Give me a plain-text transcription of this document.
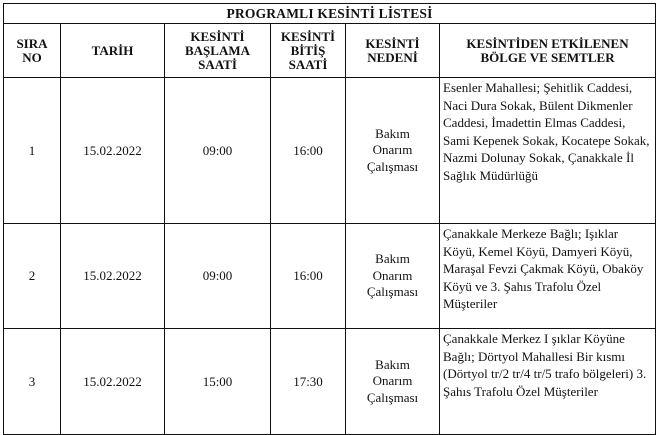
PROGRAMLI KESİNTİ LİSTESİ					
SIRA NO	TARİH	KESİNTİ BAŞLAMA SAATİ	KESİNTİ BİTİŞ SAATİ	KESİNTİ NEDENİ	KESİNTİDEN ETKİLENEN BÖLGE VE SEMTLER
1	15.02.2022	09:00	16:00	Bakım Onarım Çalışması	Esenler Mahallesi; Şehitlik Caddesi, Naci Dura Sokak, Bülent Dikmenler Caddesi, İmadettin Elmas Caddesi, Sami Kepenek Sokak, Kocatepe Sokak, Nazmi Dolunay Sokak, Çanakkale İl Sağlık Müdürlüğü
2	15.02.2022	09:00	16:00	Bakım Onarım Çalışması	Çanakkale Merkeze Bağlı; Işıklar Köyü, Kemel Köyü, Damyeri Köyü, Maraşal Fevzi Çakmak Köyü, Obaköy Köyü ve 3. Şahıs Trafolu Özel Müşteriler
3	15.02.2022	15:00	17:30	Bakım Onarım Çalışması	Çanakkale Merkez I şıklar Köyüne Bağlı; Dörtyol Mahallesi Bir kısmı (Dörtyol tr/2 tr/4 tr/5 trafo bölgeleri) 3. Şahıs Trafolu Özel Müşteriler
